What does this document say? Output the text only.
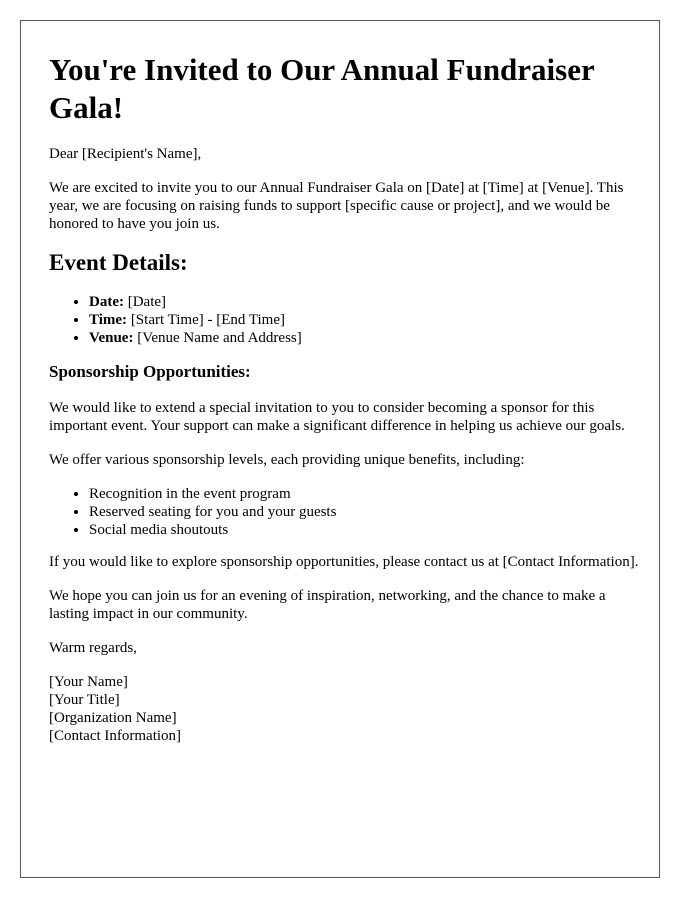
You're Invited to Our Annual Fundraiser Gala!

Dear [Recipient's Name],

We are excited to invite you to our Annual Fundraiser Gala on [Date] at [Time] at [Venue]. This year, we are focusing on raising funds to support [specific cause or project], and we would be honored to have you join us.

Event Details:
• Date: [Date]
• Time: [Start Time] - [End Time]
• Venue: [Venue Name and Address]
Sponsorship Opportunities:

We would like to extend a special invitation to you to consider becoming a sponsor for this important event. Your support can make a significant difference in helping us achieve our goals.

We offer various sponsorship levels, each providing unique benefits, including:

• Recognition in the event program
• Reserved seating for you and your guests
• Social media shoutouts

If you would like to explore sponsorship opportunities, please contact us at [Contact Information].

We hope you can join us for an evening of inspiration, networking, and the chance to make a lasting impact in our community.

Warm regards,

[Your Name]
[Your Title]
[Organization Name]
[Contact Information]
